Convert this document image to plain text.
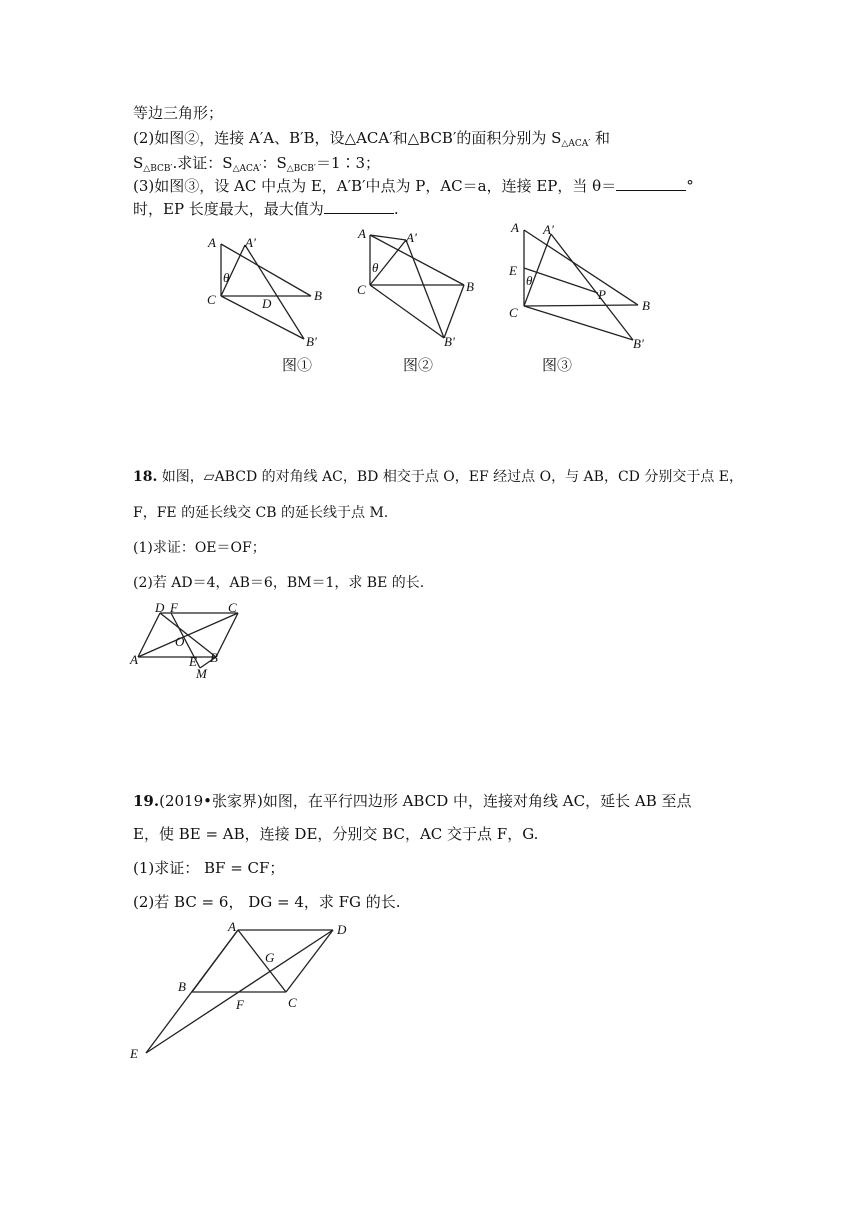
等边三角形；
(2)如图②，连接 A′A、B′B，设△ACA′和△BCB′的面积分别为 $S_{\triangle ACA'}$ 和
$S_{\triangle BCB'}$.求证：$S_{\triangle ACA'}$：$S_{\triangle BCB'}=1∶3$；
(3)如图③，设 AC 中点为 E，A′B′中点为 P，AC＝a，连接 EP，当 θ＝	°
时，EP 长度最大，最大值为	.
A A'
θ
C	D
B
B'
图①
A	A'
θ
C	B
B'
图②
A A'
E
θ
C
P
B
B'
图③
18. 如图，▱ABCD 的对角线 AC，BD 相交于点 O，EF 经过点 O，与 AB，CD 分别交于点 E，
F，FE 的延长线交 CB 的延长线于点 M.
(1)求证：OE＝OF；
(2)若 AD＝4，AB＝6，BM＝1，求 BE 的长.
D F	C
O
A	E B
M
19.(2019•张家界)如图，在平行四边形 ABCD 中，连接对角线 AC，延长 AB 至点
E，使 BE = AB，连接 DE，分别交 BC，AC 交于点 F，G.
(1)求证： BF = CF；
(2)若 BC = 6， DG = 4，求 FG 的长.
A	D
G
B
F	C
E
